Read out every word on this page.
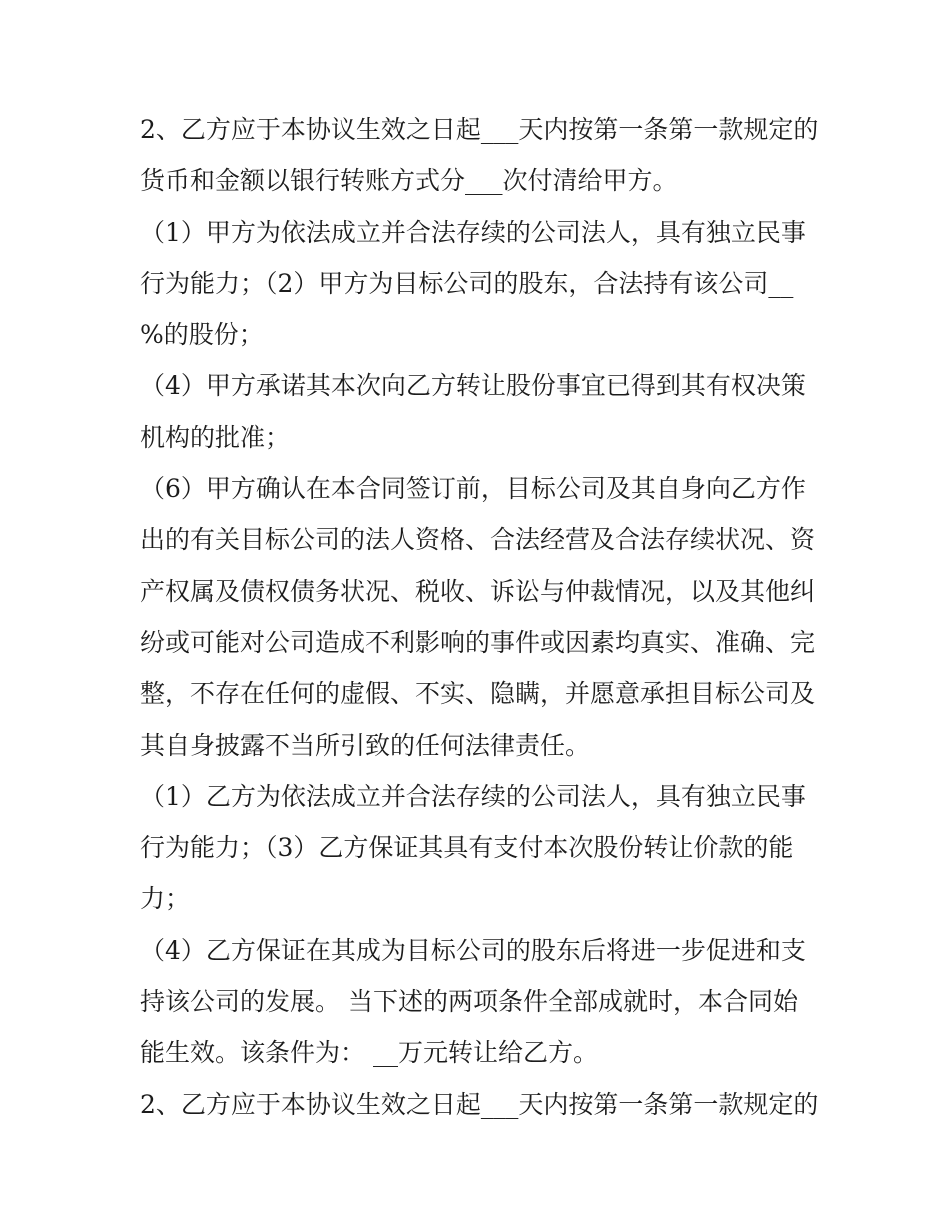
2、乙方应于本协议生效之日起___天内按第一条第一款规定的
货币和金额以银行转账方式分___次付清给甲方。
（1）甲方为依法成立并合法存续的公司法人，具有独立民事
行为能力；（2）甲方为目标公司的股东，合法持有该公司__
%的股份；
（4）甲方承诺其本次向乙方转让股份事宜已得到其有权决策
机构的批准；
（6）甲方确认在本合同签订前，目标公司及其自身向乙方作
出的有关目标公司的法人资格、合法经营及合法存续状况、资
产权属及债权债务状况、税收、诉讼与仲裁情况，以及其他纠
纷或可能对公司造成不利影响的事件或因素均真实、准确、完
整，不存在任何的虚假、不实、隐瞒，并愿意承担目标公司及
其自身披露不当所引致的任何法律责任。
（1）乙方为依法成立并合法存续的公司法人，具有独立民事
行为能力；（3）乙方保证其具有支付本次股份转让价款的能
力；
（4）乙方保证在其成为目标公司的股东后将进一步促进和支
持该公司的发展。 当下述的两项条件全部成就时，本合同始
能生效。该条件为： __万元转让给乙方。
2、乙方应于本协议生效之日起___天内按第一条第一款规定的
